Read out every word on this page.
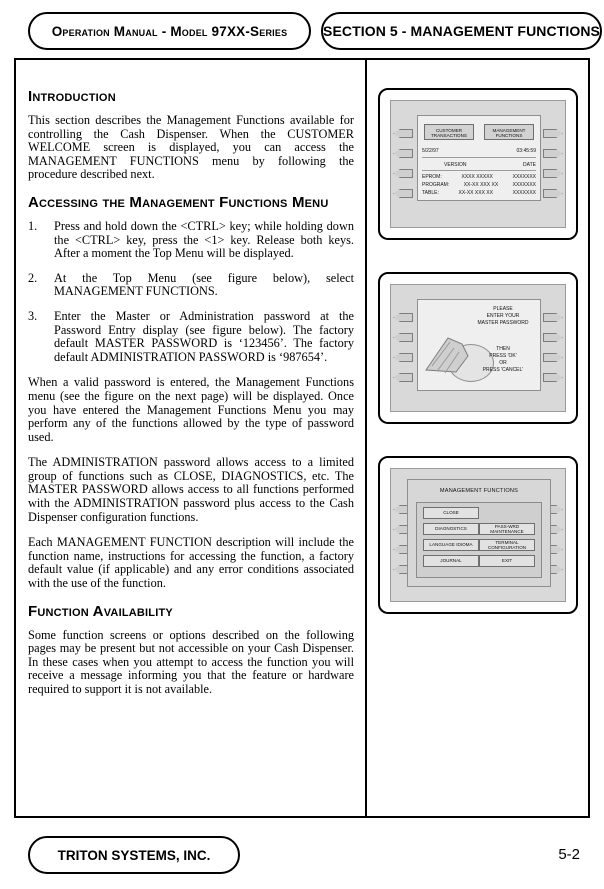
Operation Manual - Model 97XX-Series	SECTION 5 - MANAGEMENT FUNCTIONS
Introduction

This section describes the Management Functions available for controlling the Cash Dispenser. When the CUSTOMER WELCOME screen is displayed, you can access the MANAGEMENT FUNCTIONS menu by following the procedure described next.

Accessing the Management Functions Menu
1.	Press and hold down the <CTRL> key; while holding down the <CTRL> key, press the <1> key. Release both keys. After a moment the Top Menu will be displayed.
2.	At the Top Menu (see figure below), select MANAGEMENT FUNCTIONS.
3.	Enter the Master or Administration password at the Password Entry display (see figure below). The factory default MASTER PASSWORD is ‘123456’. The factory default ADMINISTRATION PASSWORD is ‘987654’.

When a valid password is entered, the Management Functions menu (see the figure on the next page) will be displayed. Once you have entered the Management Functions Menu you may perform any of the functions allowed by the type of password used.

The ADMINISTRATION password allows access to a limited group of functions such as CLOSE, DIAGNOSTICS, etc. The MASTER PASSWORD allows access to all functions performed with the ADMINISTRATION password plus access to the Cash Dispenser configuration functions.

Each MANAGEMENT FUNCTION description will include the function name, instructions for accessing the function, a factory default value (if applicable) and any error conditions associated with the use of the function.

Function Availability

Some function screens or options described on the following pages may be present but not accessible on your Cash Dispenser. In these cases when you attempt to access the function you will receive a message informing you that the feature or hardware required to support it is not available.

CUSTOMER TRANSACTIONS
MANAGEMENT FUNCTIONS
5/22/97	03:45:59
VERSION	DATE
EPROM:	XXXX XXXXX	XXXXXXX
PROGRAM:	XX-XX XXX XX	XXXXXXX
TABLE:	XX-XX XXX XX	XXXXXXX
PLEASE
ENTER YOUR
MASTER PASSWORD
THEN
PRESS 'OK'
OR
PRESS 'CANCEL'
MANAGEMENT FUNCTIONS
CLOSE
DIAGNOSTICS
PASS-WRD MAINTENANCE
LANGUAGE IDIOMA
TERMINAL CONFIGURATION
JOURNAL	EXIT
TRITON SYSTEMS, INC.	5-2
